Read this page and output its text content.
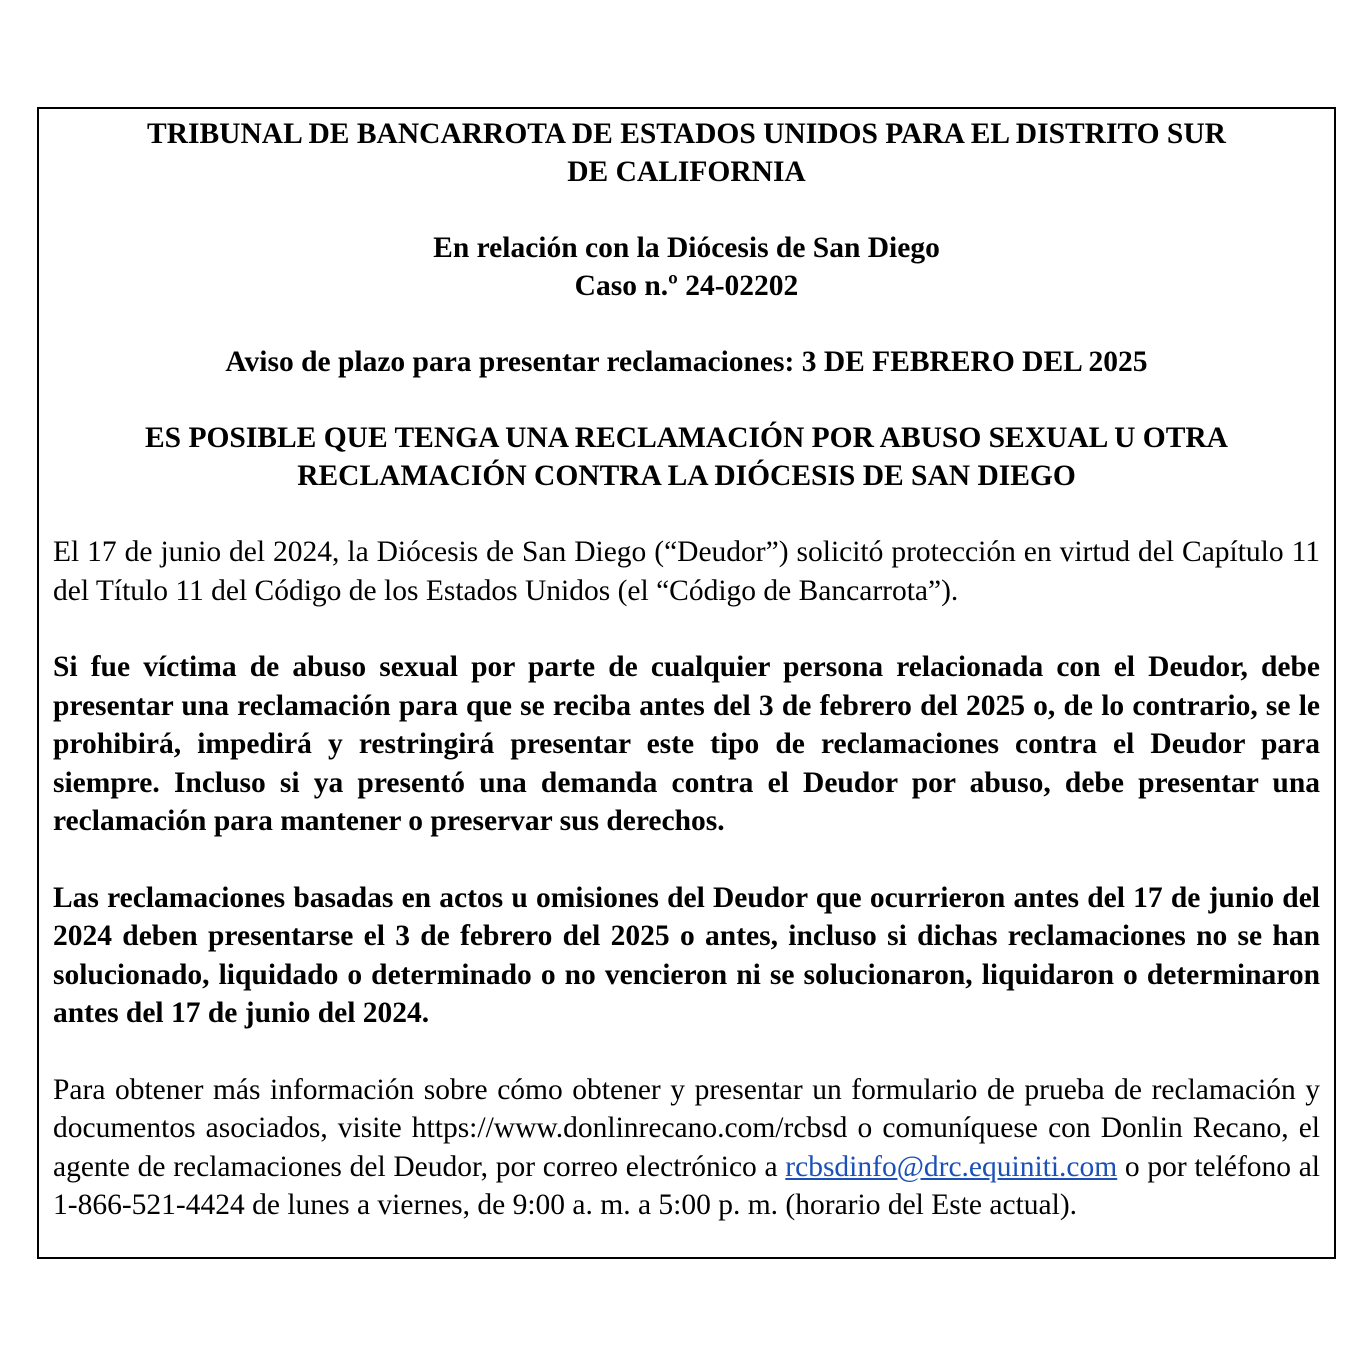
TRIBUNAL DE BANCARROTA DE ESTADOS UNIDOS PARA EL DISTRITO SUR
DE CALIFORNIA
En relación con la Diócesis de San Diego
Caso n.º 24-02202
Aviso de plazo para presentar reclamaciones: 3 DE FEBRERO DEL 2025
ES POSIBLE QUE TENGA UNA RECLAMACIÓN POR ABUSO SEXUAL U OTRA
RECLAMACIÓN CONTRA LA DIÓCESIS DE SAN DIEGO

El 17 de junio del 2024, la Diócesis de San Diego (“Deudor”) solicitó protección en virtud del Capítulo 11 del Título 11 del Código de los Estados Unidos (el “Código de Bancarrota”).

Si fue víctima de abuso sexual por parte de cualquier persona relacionada con el Deudor, debe presentar una reclamación para que se reciba antes del 3 de febrero del 2025 o, de lo contrario, se le prohibirá, impedirá y restringirá presentar este tipo de reclamaciones contra el Deudor para siempre. Incluso si ya presentó una demanda contra el Deudor por abuso, debe presentar una reclamación para mantener o preservar sus derechos.

Las reclamaciones basadas en actos u omisiones del Deudor que ocurrieron antes del 17 de junio del 2024 deben presentarse el 3 de febrero del 2025 o antes, incluso si dichas reclamaciones no se han solucionado, liquidado o determinado o no vencieron ni se solucionaron, liquidaron o determinaron antes del 17 de junio del 2024.

Para obtener más información sobre cómo obtener y presentar un formulario de prueba de reclamación y documentos asociados, visite https://www.donlinrecano.com/rcbsd o comuníquese con Donlin Recano, el agente de reclamaciones del Deudor, por correo electrónico a rcbsdinfo@drc.equiniti.com o por teléfono al 1-866-521-4424 de lunes a viernes, de 9:00 a. m. a 5:00 p. m. (horario del Este actual).
